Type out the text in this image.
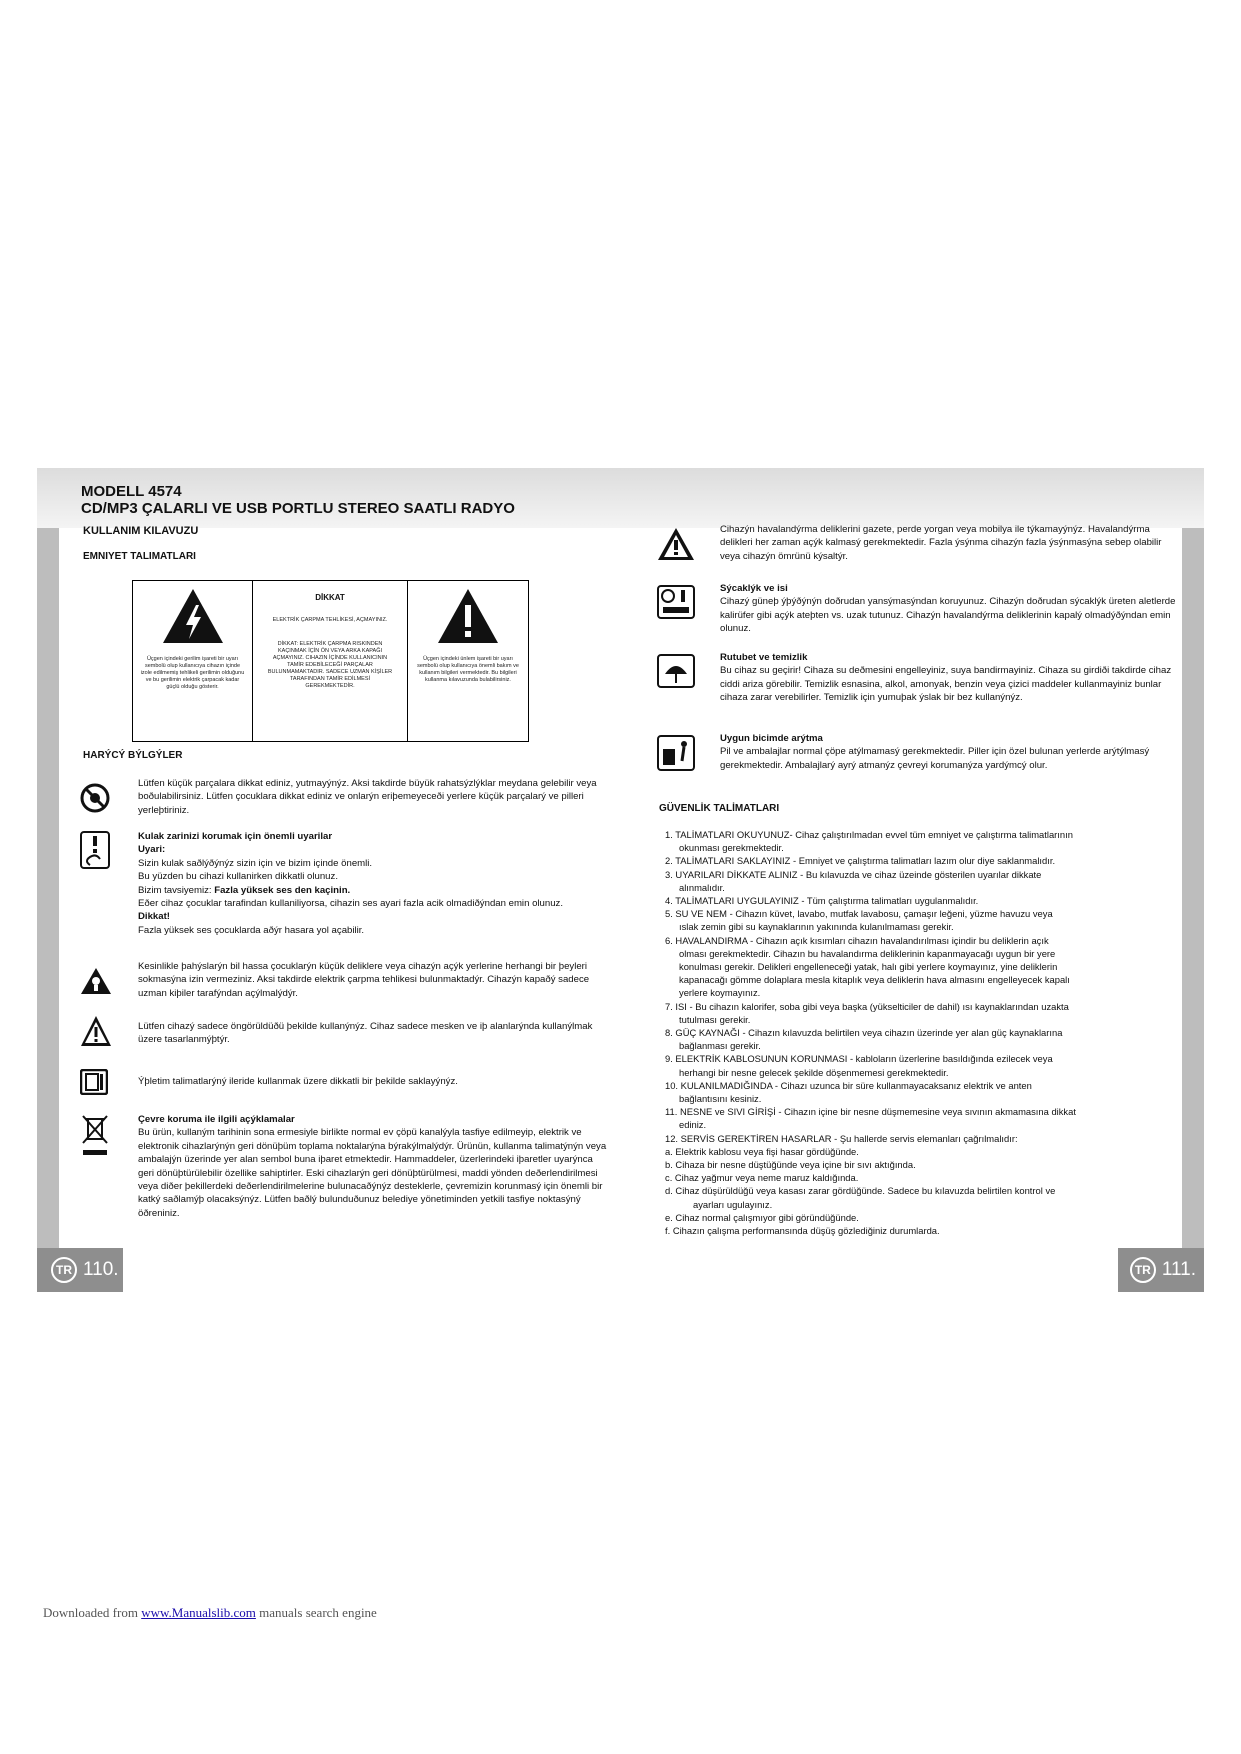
MODELL 4574
CD/MP3 ÇALARLI VE USB PORTLU STEREO SAATLI RADYO
KULLANIM KILAVUZU
EMNIYET TALIMATLARI
Üçgen içindeki gerilim işareti bir uyarı sembolü olup kullanıcıya cihazın içinde izole edilmemiş tehlikeli gerilimin olduğunu ve bu gerilimin elektrik çarpacak kadar güçlü olduğu gösterir.
DİKKAT
ELEKTRİK ÇARPMA TEHLİKESİ, AÇMAYINIZ.
DİKKAT: ELEKTRİK ÇARPMA RISKINDEN KAÇINMAK İÇİN ÖN VEYA ARKA KAPAĞI AÇMAYINIZ. CIHAZIN İÇİNDE KULLANICININ TAMİR EDEBİLECEĞİ PARÇALAR BULUNMAMAKTADIR. SADECE UZMAN KİŞİLER TARAFINDAN TAMİR EDİLMESİ GEREKMEKTEDİR.
Üçgen içindeki ünlem işareti bir uyarı sembolü olup kullanıcıya önemli bakım ve kullanım bilgileri vermektedir. Bu bilgileri kullanma kılavuzunda bulabilirsiniz.
HARÝCÝ BÝLGÝLER
Lütfen küçük parçalara dikkat ediniz, yutmayýnýz. Aksi takdirde büyük rahatsýzlýklar meydana gelebilir veya boðulabilirsiniz. Lütfen çocuklara dikkat ediniz ve onlarýn eriþemeyeceði yerlere küçük parçalarý ve pilleri yerleþtiriniz.
Kulak zarinizi korumak için önemli uyarilar
Uyari:
Sizin kulak saðlýðýnýz sizin için ve bizim içinde önemli.
Bu yüzden bu cihazi kullanirken dikkatli olunuz.
Bizim tavsiyemiz: Fazla yüksek ses den kaçinin.
Eðer cihaz çocuklar tarafindan kullaniliyorsa, cihazin ses ayari fazla acik olmadiðýndan emin olunuz.
Dikkat!
Fazla yüksek ses çocuklarda aðýr hasara yol açabilir.
Kesinlikle þahýslarýn bil hassa çocuklarýn küçük deliklere veya cihazýn açýk yerlerine herhangi bir þeyleri sokmasýna izin vermeziniz. Aksi takdirde elektrik çarpma tehlikesi bulunmaktadýr. Cihazýn kapaðý sadece uzman kiþiler tarafýndan açýlmalýdýr.
Lütfen cihazý sadece öngörüldüðü þekilde kullanýnýz. Cihaz sadece mesken ve iþ alanlarýnda kullanýlmak üzere tasarlanmýþtýr.
Ýþletim talimatlarýný ileride kullanmak üzere dikkatli bir þekilde saklayýnýz.
Çevre koruma ile ilgili açýklamalar
Bu ürün, kullaným tarihinin sona ermesiyle birlikte normal ev çöpü kanalýyla tasfiye edilmeyip, elektrik ve elektronik cihazlarýnýn geri dönüþüm toplama noktalarýna býrakýlmalýdýr. Ürünün, kullanma talimatýnýn veya ambalajýn üzerinde yer alan sembol buna iþaret etmektedir. Hammaddeler, üzerlerindeki iþaretler uyarýnca geri dönüþtürülebilir özellike sahiptirler. Eski cihazlarýn geri dönüþtürülmesi, maddi yönden deðerlendirilmesi veya diðer þekillerdeki deðerlendirilmelerine bulunacaðýnýz desteklerle, çevremizin korunmasý için önemli bir katký saðlamýþ olacaksýnýz. Lütfen baðlý bulunduðunuz belediye yönetiminden yetkili tasfiye noktasýný öðreniniz.
Cihazýn havalandýrma deliklerini gazete, perde yorgan veya mobilya ile týkamayýnýz. Havalandýrma delikleri her zaman açýk kalmasý gerekmektedir. Fazla ýsýnma cihazýn fazla ýsýnmasýna sebep olabilir veya cihazýn ömrünü kýsaltýr.
Sýcaklýk ve isi
Cihazý güneþ ýþýðýnýn doðrudan yansýmasýndan koruyunuz. Cihazýn doðrudan sýcaklýk üreten aletlerde kalirüfer gibi açýk ateþten vs. uzak tutunuz. Cihazýn havalandýrma deliklerinin kapalý olmadýðýndan emin olunuz.
Rutubet ve temizlik
Bu cihaz su geçirir! Cihaza su deðmesini engelleyiniz, suya bandirmayiniz. Cihaza su girdiði takdirde cihaz ciddi ariza görebilir. Temizlik esnasina, alkol, amonyak, benzin veya çizici maddeler kullanmayiniz bunlar cihaza zarar verebilirler. Temizlik için yumuþak ýslak bir bez kullanýnýz.
Uygun bicimde arýtma
Pil ve ambalajlar normal çöpe atýlmamasý gerekmektedir. Piller için özel bulunan yerlerde arýtýlmasý gerekmektedir. Ambalajlarý ayrý atmanýz çevreyi korumanýza yardýmcý olur.
GÜVENLİK TALİMATLARI
1. TALİMATLARI OKUYUNUZ- Cihaz çalıştırılmadan evvel tüm emniyet ve çalıştırma talimatlarının
okunması gerekmektedir.
2. TALİMATLARI SAKLAYINIZ - Emniyet ve çalıştırma talimatları lazım olur diye saklanmalıdır.
3. UYARILARI DİKKATE ALINIZ - Bu kılavuzda ve cihaz üzeinde gösterilen uyarılar dikkate
alınmalıdır.
4. TALİMATLARI UYGULAYINIZ - Tüm çalıştırma talimatları uygulanmalıdır.
5. SU VE NEM - Cihazın küvet, lavabo, mutfak lavabosu, çamaşır leğeni, yüzme havuzu veya
ıslak zemin gibi su kaynaklarının yakınında kulanılmaması gerekir.
6. HAVALANDIRMA - Cihazın açık kısımları cihazın havalandırılması içindir bu deliklerin açık
olması gerekmektedir. Cihazın bu havalandırma deliklerinin kapanmayacağı uygun bir yere
konulması gerekir. Delikleri engelleneceği yatak, halı gibi yerlere koymayınız, yine deliklerin
kapanacağı gömme dolaplara mesla kitaplık veya deliklerin hava almasını engelleyecek kapalı
yerlere koymayınız.
7. ISI - Bu cihazın kalorifer, soba gibi veya başka (yükselticiler de dahil) ısı kaynaklarından uzakta
tutulması gerekir.
8. GÜÇ KAYNAĞI - Cihazın kılavuzda belirtilen veya cihazın üzerinde yer alan güç kaynaklarına
bağlanması gerekir.
9. ELEKTRİK KABLOSUNUN KORUNMASI - kabloların üzerlerine basıldığında ezilecek veya
herhangi bir nesne gelecek şekilde döşenmemesi gerekmektedir.
10. KULANILMADIĞINDA - Cihazı uzunca bir süre kullanmayacaksanız elektrik ve anten
bağlantısını kesiniz.
11. NESNE ve SIVI GİRİŞİ - Cihazın içine bir nesne düşmemesine veya sıvının akmamasına dikkat
ediniz.
12. SERVİS GEREKTİREN HASARLAR - Şu hallerde servis elemanları çağrılmalıdır:
a. Elektrik kablosu veya fişi hasar gördüğünde.
b. Cihaza bir nesne düştüğünde veya içine bir sıvı aktığında.
c. Cihaz yağmur veya neme maruz kaldığında.
d. Cihaz düşürüldüğü veya kasası zarar gördüğünde. Sadece bu kılavuzda belirtilen kontrol ve
ayarları ugulayınız.
e. Cihaz normal çalışmıyor gibi göründüğünde.
f. Cihazın çalışma performansında düşüş gözlediğiniz durumlarda.
TR 110.	TR 111.
Downloaded from www.Manualslib.com manuals search engine
